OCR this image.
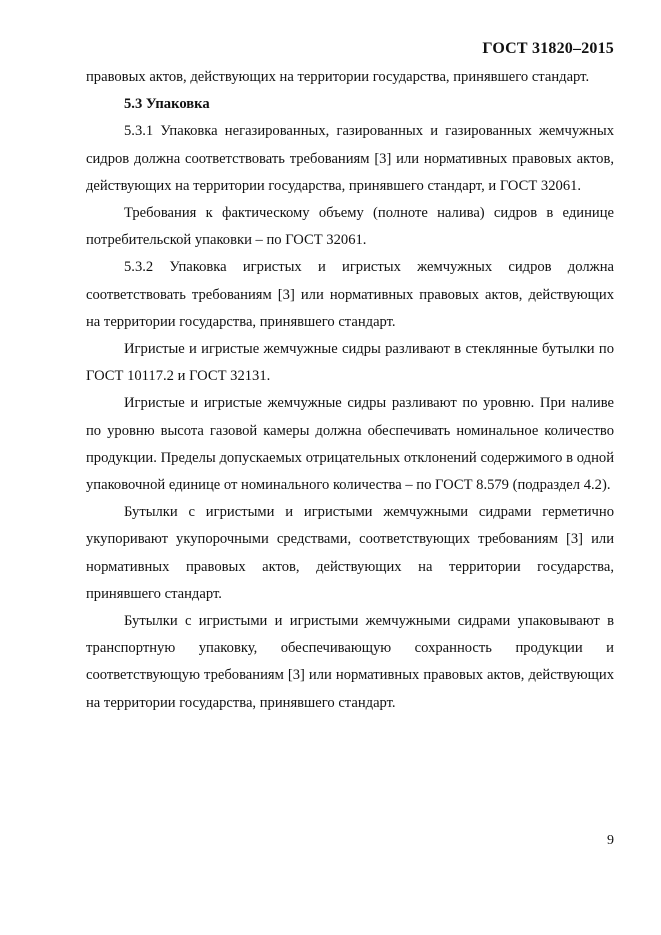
ГОСТ 31820–2015

правовых актов, действующих на территории государства, принявшего стандарт.

5.3 Упаковка

5.3.1 Упаковка негазированных, газированных и газированных жемчужных сидров должна соответствовать требованиям [3] или нормативных правовых актов, действующих на территории государства, принявшего стандарт, и ГОСТ 32061.

Требования к фактическому объему (полноте налива) сидров в единице потребительской упаковки – по ГОСТ 32061.

5.3.2 Упаковка игристых и игристых жемчужных сидров должна соответствовать требованиям [3] или нормативных правовых актов, действующих на территории государства, принявшего стандарт.

Игристые и игристые жемчужные сидры разливают в стеклянные бутылки по ГОСТ 10117.2 и ГОСТ 32131.

Игристые и игристые жемчужные сидры разливают по уровню. При наливе по уровню высота газовой камеры должна обеспечивать номинальное количество продукции. Пределы допускаемых отрицательных отклонений содержимого в одной упаковочной единице от номинального количества – по ГОСТ 8.579 (подраздел 4.2).

Бутылки с игристыми и игристыми жемчужными сидрами герметично укупоривают укупорочными средствами, соответствующих требованиям [3] или нормативных правовых актов, действующих на территории государства, принявшего стандарт.

Бутылки с игристыми и игристыми жемчужными сидрами упаковывают в транспортную упаковку, обеспечивающую сохранность продукции и соответствующую требованиям [3] или нормативных правовых актов, действующих на территории государства, принявшего стандарт.

9
